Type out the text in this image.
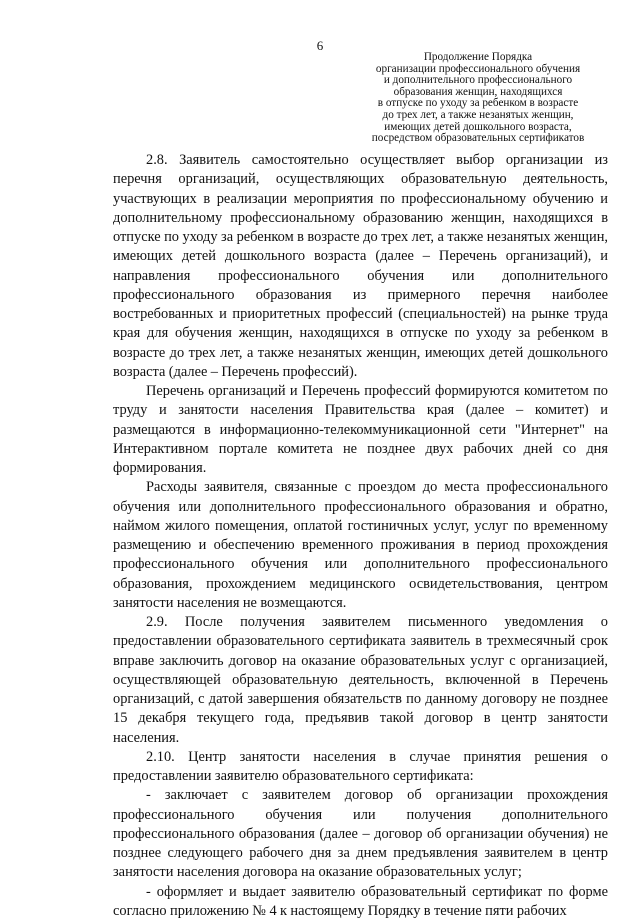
6
Продолжение Порядка
организации профессионального обучения
и дополнительного профессионального
образования женщин, находящихся
в отпуске по уходу за ребенком в возрасте
до трех лет, а также незанятых женщин,
имеющих детей дошкольного возраста,
посредством образовательных сертификатов

2.8. Заявитель самостоятельно осуществляет выбор организации из перечня организаций, осуществляющих образовательную деятельность, участвующих в реализации мероприятия по профессиональному обучению и дополнительному профессиональному образованию женщин, находящихся в отпуске по уходу за ребенком в возрасте до трех лет, а также незанятых женщин, имеющих детей дошкольного возраста (далее – Перечень организаций), и направления профессионального обучения или дополнительного профессионального образования из примерного перечня наиболее востребованных и приоритетных профессий (специальностей) на рынке труда края для обучения женщин, находящихся в отпуске по уходу за ребенком в возрасте до трех лет, а также незанятых женщин, имеющих детей дошкольного возраста (далее – Перечень профессий).

Перечень организаций и Перечень профессий формируются комитетом по труду и занятости населения Правительства края (далее – комитет) и размещаются в информационно-телекоммуникационной сети "Интернет" на Интерактивном портале комитета не позднее двух рабочих дней со дня формирования.

Расходы заявителя, связанные с проездом до места профессионального обучения или дополнительного профессионального образования и обратно, наймом жилого помещения, оплатой гостиничных услуг, услуг по временному размещению и обеспечению временного проживания в период прохождения профессионального обучения или дополнительного профессионального образования, прохождением медицинского освидетельствования, центром занятости населения не возмещаются.

2.9. После получения заявителем письменного уведомления о предоставлении образовательного сертификата заявитель в трехмесячный срок вправе заключить договор на оказание образовательных услуг с организацией, осуществляющей образовательную деятельность, включенной в Перечень организаций, с датой завершения обязательств по данному договору не позднее 15 декабря текущего года, предъявив такой договор в центр занятости населения.

2.10. Центр занятости населения в случае принятия решения о предоставлении заявителю образовательного сертификата:

- заключает с заявителем договор об организации прохождения профессионального обучения или получения дополнительного профессионального образования (далее – договор об организации обучения) не позднее следующего рабочего дня за днем предъявления заявителем в центр занятости населения договора на оказание образовательных услуг;

- оформляет и выдает заявителю образовательный сертификат по форме согласно приложению № 4 к настоящему Порядку в течение пяти рабочих
